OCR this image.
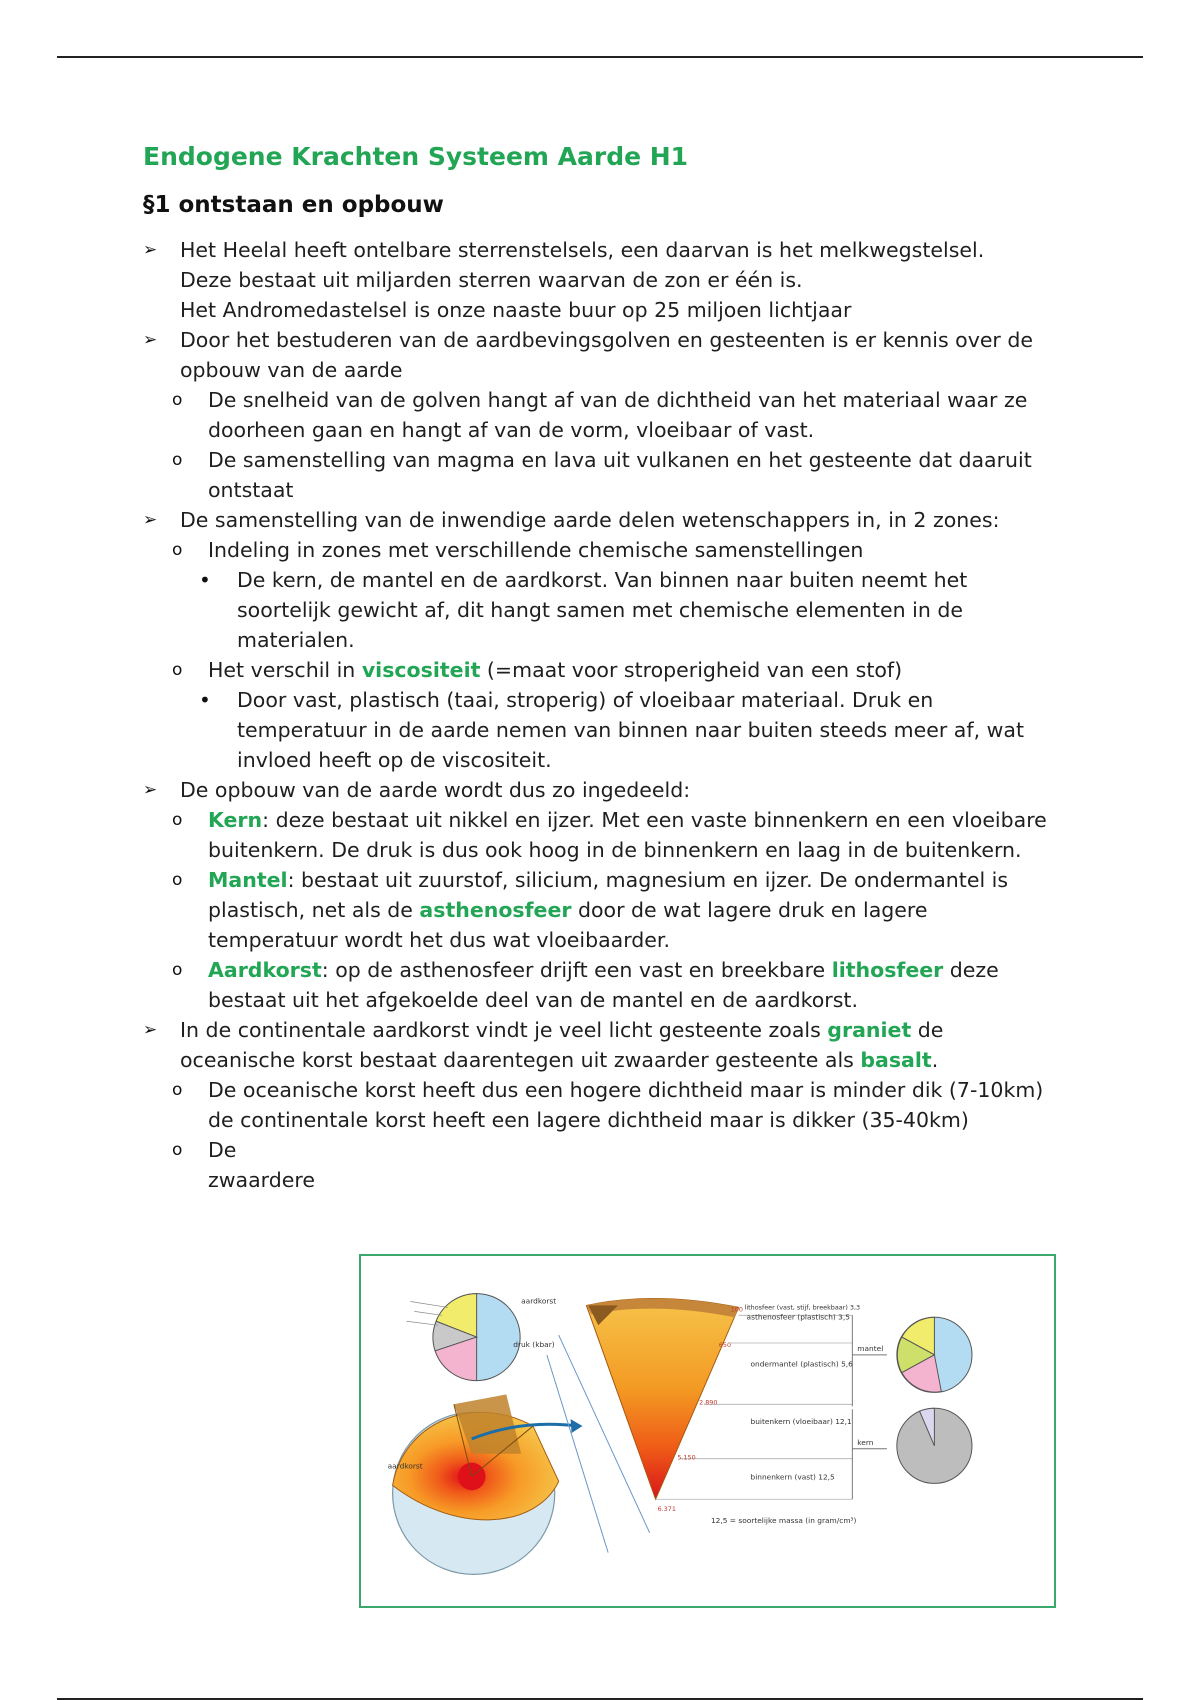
Endogene Krachten Systeem Aarde H1
§1 ontstaan en opbouw
➢ Het Heelal heeft ontelbare sterrenstelsels, een daarvan is het melkwegstelsel.
Deze bestaat uit miljarden sterren waarvan de zon er één is.
Het Andromedastelsel is onze naaste buur op 25 miljoen lichtjaar
➢ Door het bestuderen van de aardbevingsgolven en gesteenten is er kennis over de opbouw van de aarde
o De snelheid van de golven hangt af van de dichtheid van het materiaal waar ze doorheen gaan en hangt af van de vorm, vloeibaar of vast.
o De samenstelling van magma en lava uit vulkanen en het gesteente dat daaruit ontstaat
➢ De samenstelling van de inwendige aarde delen wetenschappers in, in 2 zones:
o Indeling in zones met verschillende chemische samenstellingen
• De kern, de mantel en de aardkorst. Van binnen naar buiten neemt het soortelijk gewicht af, dit hangt samen met chemische elementen in de materialen.
o Het verschil in viscositeit (=maat voor stroperigheid van een stof)
• Door vast, plastisch (taai, stroperig) of vloeibaar materiaal. Druk en temperatuur in de aarde nemen van binnen naar buiten steeds meer af, wat invloed heeft op de viscositeit.
➢ De opbouw van de aarde wordt dus zo ingedeeld:
o Kern: deze bestaat uit nikkel en ijzer. Met een vaste binnenkern en een vloeibare buitenkern. De druk is dus ook hoog in de binnenkern en laag in de buitenkern.
o Mantel: bestaat uit zuurstof, silicium, magnesium en ijzer. De ondermantel is plastisch, net als de asthenosfeer door de wat lagere druk en lagere temperatuur wordt het dus wat vloeibaarder.
o Aardkorst: op de asthenosfeer drijft een vast en breekbare lithosfeer deze bestaat uit het afgekoelde deel van de mantel en de aardkorst.
➢ In de continentale aardkorst vindt je veel licht gesteente zoals graniet de oceanische korst bestaat daarentegen uit zwaarder gesteente als basalt.
o De oceanische korst heeft dus een hogere dichtheid maar is minder dik (7-10km) de continentale korst heeft een lagere dichtheid maar is dikker (35-40km)
o De
zwaardere
aardkorst
druk (kbar)
asthenosfeer (plastisch) 3,5
ondermantel (plastisch) 5,6
buitenkern (vloeibaar) 12,1
binnenkern (vast) 12,5
12,5 = soortelijke massa (in gram/cm³)
aardkorst
mantel
kern
lithosfeer (vast, stijf, breekbaar) 3,3
100
650
2.890
5.150
6.371
